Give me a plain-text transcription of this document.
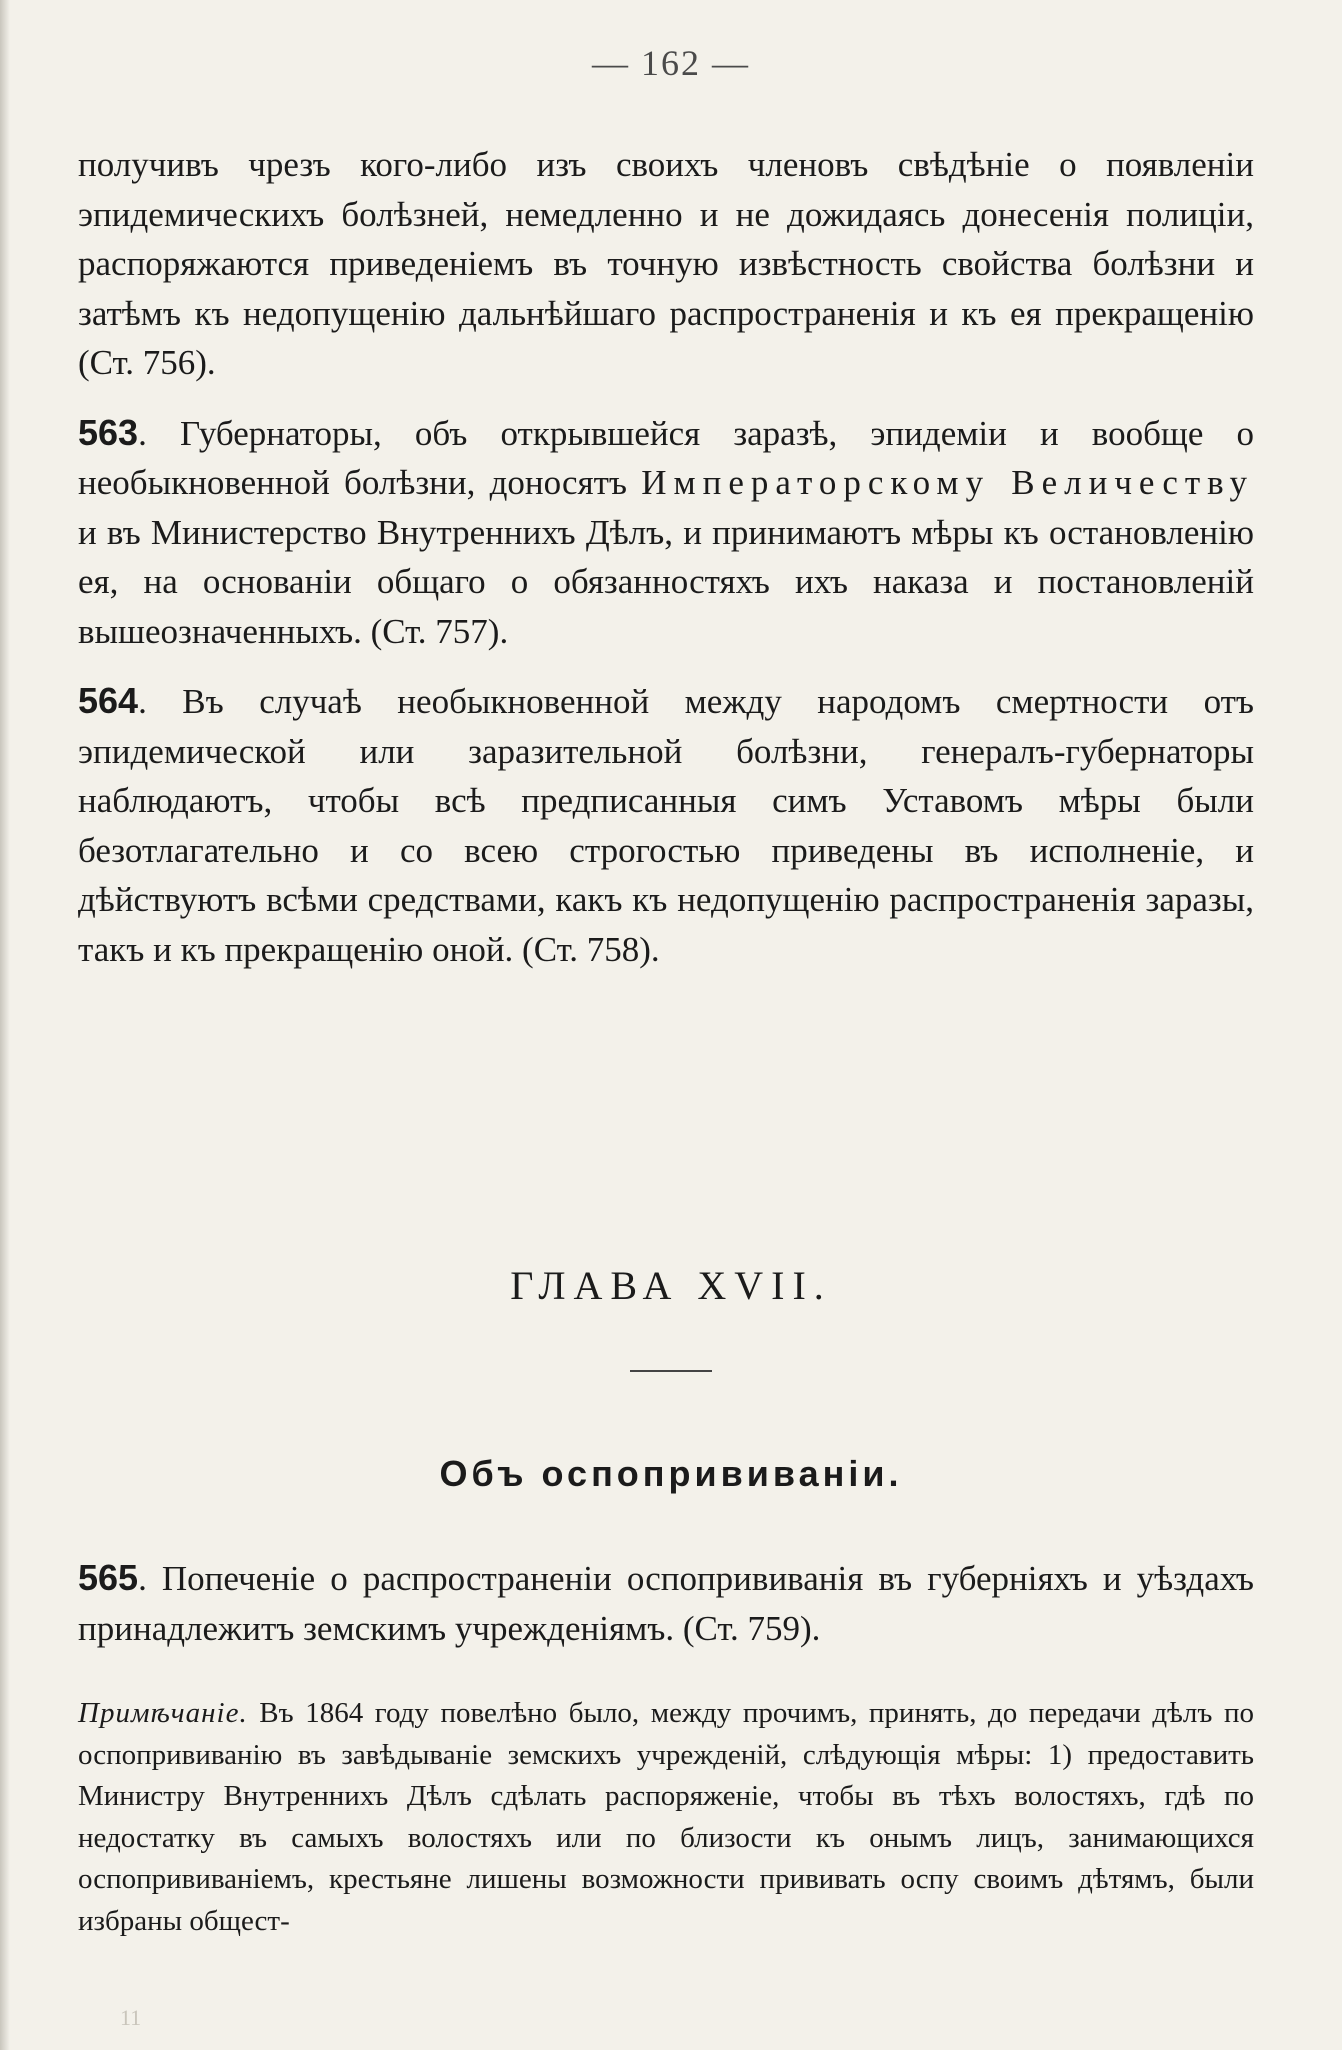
— 162 —

получивъ чрезъ кого-либо изъ своихъ членовъ свѣдѣніе о появленіи эпидемическихъ болѣзней, немедленно и не дожидаясь донесенія полиціи, распоряжаются приведеніемъ въ точную извѣстность свойства болѣзни и затѣмъ къ недопущенію дальнѣйшаго распространенія и къ ея прекращенію (Ст. 756).

563. Губернаторы, объ открывшейся заразѣ, эпидеміи и вообще о необыкновенной болѣзни, доносятъ Императорскому Величеству и въ Министерство Внутреннихъ Дѣлъ, и принимаютъ мѣры къ остановленію ея, на основаніи общаго о обязанностяхъ ихъ наказа и постановленій вышеозначенныхъ. (Ст. 757).

564. Въ случаѣ необыкновенной между народомъ смертности отъ эпидемической или заразительной болѣзни, генералъ-губернаторы наблюдаютъ, чтобы всѣ предписанныя симъ Уставомъ мѣры были безотлагательно и со всею строгостью приведены въ исполненіе, и дѣйствуютъ всѣми средствами, какъ къ недопущенію распространенія заразы, такъ и къ прекращенію оной. (Ст. 758).

ГЛАВА XVII.
Объ оспопрививаніи.

565. Попеченіе о распространеніи оспопрививанія въ губерніяхъ и уѣздахъ принадлежитъ земскимъ учрежденіямъ. (Ст. 759).

Примѣчаніе. Въ 1864 году повелѣно было, между прочимъ, принять, до передачи дѣлъ по оспопрививанію въ завѣдываніе земскихъ учрежденій, слѣдующія мѣры: 1) предоставить Министру Внутреннихъ Дѣлъ сдѣлать распоряженіе, чтобы въ тѣхъ волостяхъ, гдѣ по недостатку въ самыхъ волостяхъ или по близости къ онымъ лицъ, занимающихся оспопрививаніемъ, крестьяне лишены возможности прививать оспу своимъ дѣтямъ, были избраны общест-
11
